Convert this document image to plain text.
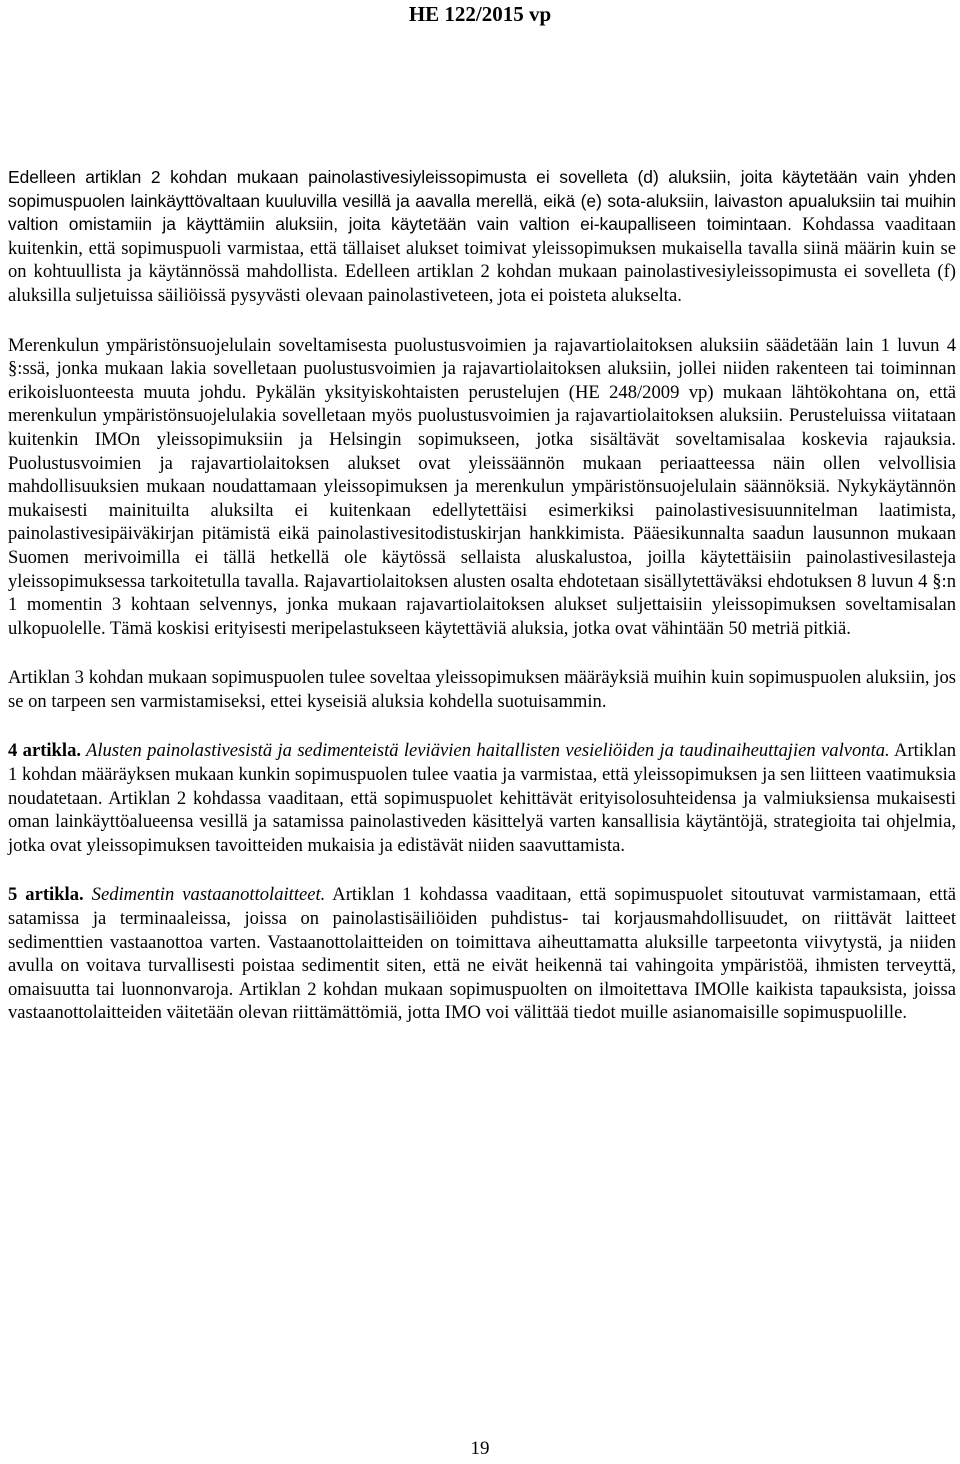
HE 122/2015 vp

Edelleen artiklan 2 kohdan mukaan painolastivesiyleissopimusta ei sovelleta (d) aluksiin, joita käytetään vain yhden sopimuspuolen lainkäyttövaltaan kuuluvilla vesillä ja aavalla merellä, eikä (e) sota-aluksiin, laivaston apualuksiin tai muihin valtion omistamiin ja käyttämiin aluksiin, joita käytetään vain valtion ei-kaupalliseen toimintaan. Kohdassa vaaditaan kuitenkin, että sopimuspuoli varmistaa, että tällaiset alukset toimivat yleissopimuksen mukaisella tavalla siinä määrin kuin se on kohtuullista ja käytännössä mahdollista. Edelleen artiklan 2 kohdan mukaan painolastivesiyleissopimusta ei sovelleta (f) aluksilla suljetuissa säiliöissä pysyvästi olevaan painolastiveteen, jota ei poisteta alukselta.

Merenkulun ympäristönsuojelulain soveltamisesta puolustusvoimien ja rajavartiolaitoksen aluksiin säädetään lain 1 luvun 4 §:ssä, jonka mukaan lakia sovelletaan puolustusvoimien ja rajavartiolaitoksen aluksiin, jollei niiden rakenteen tai toiminnan erikoisluonteesta muuta johdu. Pykälän yksityiskohtaisten perustelujen (HE 248/2009 vp) mukaan lähtökohtana on, että merenkulun ympäristönsuojelulakia sovelletaan myös puolustusvoimien ja rajavartiolaitoksen aluksiin. Perusteluissa viitataan kuitenkin IMOn yleissopimuksiin ja Helsingin sopimukseen, jotka sisältävät soveltamisalaa koskevia rajauksia. Puolustusvoimien ja rajavartiolaitoksen alukset ovat yleissäännön mukaan periaatteessa näin ollen velvollisia mahdollisuuksien mukaan noudattamaan yleissopimuksen ja merenkulun ympäristönsuojelulain säännöksiä. Nykykäytännön mukaisesti mainituilta aluksilta ei kuitenkaan edellytettäisi esimerkiksi painolastivesisuunnitelman laatimista, painolastivesipäiväkirjan pitämistä eikä painolastivesitodistuskirjan hankkimista. Pääesikunnalta saadun lausunnon mukaan Suomen merivoimilla ei tällä hetkellä ole käytössä sellaista aluskalustoa, joilla käytettäisiin painolastivesilasteja yleissopimuksessa tarkoitetulla tavalla. Rajavartiolaitoksen alusten osalta ehdotetaan sisällytettäväksi ehdotuksen 8 luvun 4 §:n 1 momentin 3 kohtaan selvennys, jonka mukaan rajavartiolaitoksen alukset suljettaisiin yleissopimuksen soveltamisalan ulkopuolelle. Tämä koskisi erityisesti meripelastukseen käytettäviä aluksia, jotka ovat vähintään 50 metriä pitkiä.

Artiklan 3 kohdan mukaan sopimuspuolen tulee soveltaa yleissopimuksen määräyksiä muihin kuin sopimuspuolen aluksiin, jos se on tarpeen sen varmistamiseksi, ettei kyseisiä aluksia kohdella suotuisammin.

4 artikla. Alusten painolastivesistä ja sedimenteistä leviävien haitallisten vesieliöiden ja taudinaiheuttajien valvonta. Artiklan 1 kohdan määräyksen mukaan kunkin sopimuspuolen tulee vaatia ja varmistaa, että yleissopimuksen ja sen liitteen vaatimuksia noudatetaan. Artiklan 2 kohdassa vaaditaan, että sopimuspuolet kehittävät erityisolosuhteidensa ja valmiuksiensa mukaisesti oman lainkäyttöalueensa vesillä ja satamissa painolastiveden käsittelyä varten kansallisia käytäntöjä, strategioita tai ohjelmia, jotka ovat yleissopimuksen tavoitteiden mukaisia ja edistävät niiden saavuttamista.

5 artikla. Sedimentin vastaanottolaitteet. Artiklan 1 kohdassa vaaditaan, että sopimuspuolet sitoutuvat varmistamaan, että satamissa ja terminaaleissa, joissa on painolastisäiliöiden puhdistus- tai korjausmahdollisuudet, on riittävät laitteet sedimenttien vastaanottoa varten. Vastaanottolaitteiden on toimittava aiheuttamatta aluksille tarpeetonta viivytystä, ja niiden avulla on voitava turvallisesti poistaa sedimentit siten, että ne eivät heikennä tai vahingoita ympäristöä, ihmisten terveyttä, omaisuutta tai luonnonvaroja. Artiklan 2 kohdan mukaan sopimuspuolten on ilmoitettava IMOlle kaikista tapauksista, joissa vastaanottolaitteiden väitetään olevan riittämättömiä, jotta IMO voi välittää tiedot muille asianomaisille sopimuspuolille.

19
